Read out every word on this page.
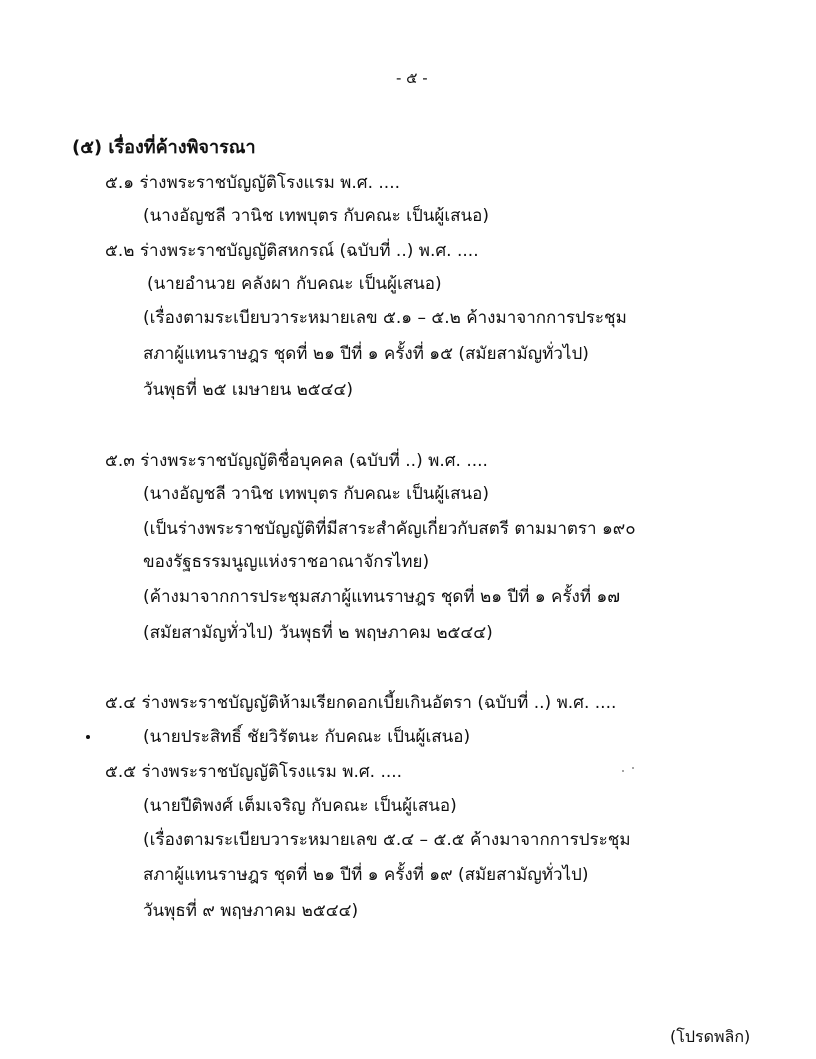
- ๕ -
(๕) เรื่องที่ค้างพิจารณา
๕.๑ ร่างพระราชบัญญัติโรงแรม พ.ศ. ....
(นางอัญชลี วานิช เทพบุตร กับคณะ เป็นผู้เสนอ)
๕.๒ ร่างพระราชบัญญัติสหกรณ์ (ฉบับที่ ..) พ.ศ. ....
(นายอำนวย คลังผา กับคณะ เป็นผู้เสนอ)
(เรื่องตามระเบียบวาระหมายเลข ๕.๑ – ๕.๒ ค้างมาจากการประชุม
สภาผู้แทนราษฎร ชุดที่ ๒๑ ปีที่ ๑ ครั้งที่ ๑๕ (สมัยสามัญทั่วไป)
วันพุธที่ ๒๕ เมษายน ๒๕๔๔)
๕.๓ ร่างพระราชบัญญัติชื่อบุคคล (ฉบับที่ ..) พ.ศ. ....
(นางอัญชลี วานิช เทพบุตร กับคณะ เป็นผู้เสนอ)
(เป็นร่างพระราชบัญญัติที่มีสาระสำคัญเกี่ยวกับสตรี ตามมาตรา ๑๙๐
ของรัฐธรรมนูญแห่งราชอาณาจักรไทย)
(ค้างมาจากการประชุมสภาผู้แทนราษฎร ชุดที่ ๒๑ ปีที่ ๑ ครั้งที่ ๑๗
(สมัยสามัญทั่วไป) วันพุธที่ ๒ พฤษภาคม ๒๕๔๔)
๕.๔ ร่างพระราชบัญญัติห้ามเรียกดอกเบี้ยเกินอัตรา (ฉบับที่ ..) พ.ศ. ....
(นายประสิทธิ์ ชัยวิรัตนะ กับคณะ เป็นผู้เสนอ)
๕.๕ ร่างพระราชบัญญัติโรงแรม พ.ศ. ....
(นายปีติพงศ์ เต็มเจริญ กับคณะ เป็นผู้เสนอ)
(เรื่องตามระเบียบวาระหมายเลข ๕.๔ – ๕.๕ ค้างมาจากการประชุม
สภาผู้แทนราษฎร ชุดที่ ๒๑ ปีที่ ๑ ครั้งที่ ๑๙ (สมัยสามัญทั่วไป)
วันพุธที่ ๙ พฤษภาคม ๒๕๔๔)
(โปรดพลิก)
